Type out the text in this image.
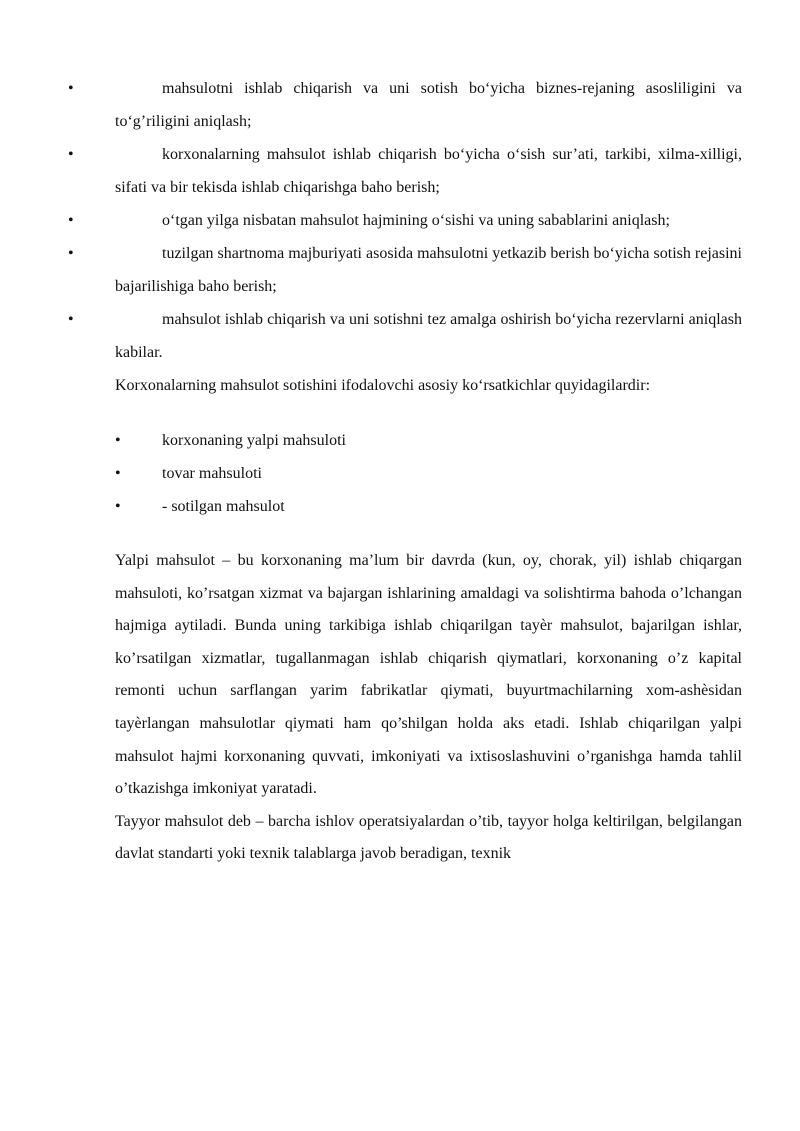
•	mahsulotni ishlab chiqarish va uni sotish bo‘yicha biznes-rejaning asosliligini va to‘g’riligini aniqlash;

•	korxonalarning mahsulot ishlab chiqarish bo‘yicha o‘sish sur’ati, tarkibi, xilma-xilligi, sifati va bir tekisda ishlab chiqarishga baho berish;

•	o‘tgan yilga nisbatan mahsulot hajmining o‘sishi va uning sabablarini aniqlash;

•	tuzilgan shartnoma majburiyati asosida mahsulotni yetkazib berish bo‘yicha sotish rejasini bajarilishiga baho berish;

•	mahsulot ishlab chiqarish va uni sotishni tez amalga oshirish bo‘yicha rezervlarni aniqlash kabilar.

Korxonalarning mahsulot sotishini ifodalovchi asosiy ko‘rsatkichlar quyidagilardir:

•	korxonaning yalpi mahsuloti
•	tovar mahsuloti
•	- sotilgan mahsulot

Yalpi mahsulot – bu korxonaning ma’lum bir davrda (kun, oy, chorak, yil) ishlab chiqargan mahsuloti, ko’rsatgan xizmat va bajargan ishlarining amaldagi va solishtirma bahoda o’lchangan hajmiga aytiladi. Bunda uning tarkibiga ishlab chiqarilgan tayèr mahsulot, bajarilgan ishlar, ko’rsatilgan xizmatlar, tugallanmagan ishlab chiqarish qiymatlari, korxonaning o’z kapital remonti uchun sarflangan yarim fabrikatlar qiymati, buyurtmachilarning xom-ashèsidan tayèrlangan mahsulotlar qiymati ham qo’shilgan holda aks etadi. Ishlab chiqarilgan yalpi mahsulot hajmi korxonaning quvvati, imkoniyati va ixtisoslashuvini o’rganishga hamda tahlil o’tkazishga imkoniyat yaratadi.

Tayyor mahsulot deb – barcha ishlov operatsiyalardan o’tib, tayyor holga keltirilgan, belgilangan davlat standarti yoki texnik talablarga javob beradigan, texnik
